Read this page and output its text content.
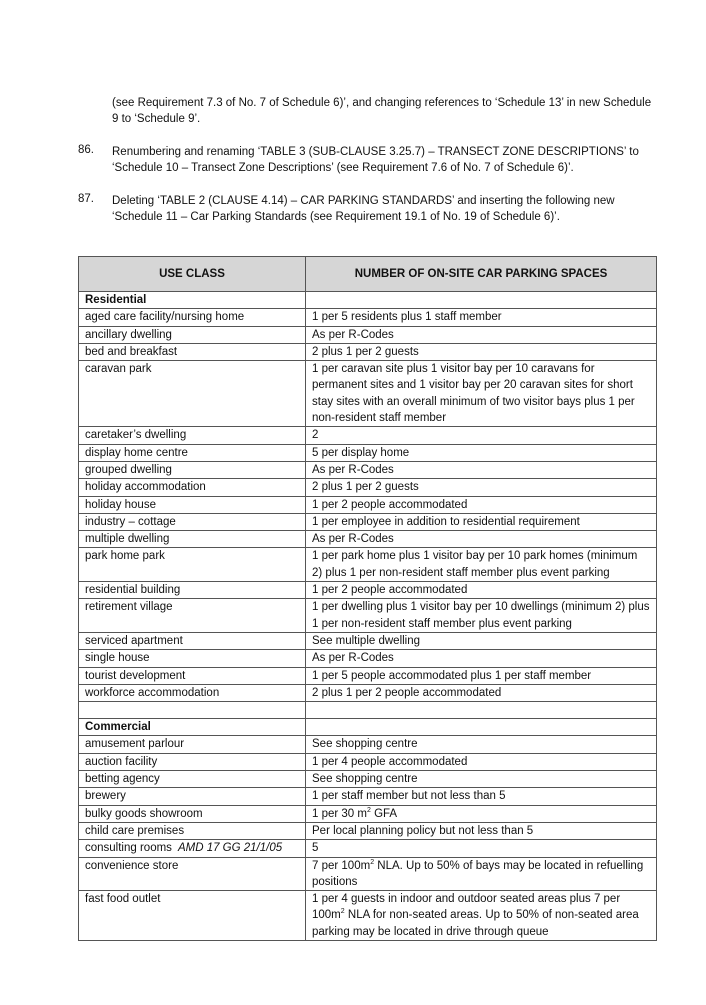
(see Requirement 7.3 of No. 7 of Schedule 6)’, and changing references to ‘Schedule 13’ in new Schedule 9 to ‘Schedule 9’.
86. Renumbering and renaming ‘TABLE 3 (SUB-CLAUSE 3.25.7) – TRANSECT ZONE DESCRIPTIONS’ to ‘Schedule 10 – Transect Zone Descriptions’ (see Requirement 7.6 of No. 7 of Schedule 6)’.
87. Deleting ‘TABLE 2 (CLAUSE 4.14) – CAR PARKING STANDARDS’ and inserting the following new ‘Schedule 11 – Car Parking Standards (see Requirement 19.1 of No. 19 of Schedule 6)’.
USE CLASS	NUMBER OF ON-SITE CAR PARKING SPACES
Residential	
aged care facility/nursing home	1 per 5 residents plus 1 staff member
ancillary dwelling	As per R-Codes
bed and breakfast	2 plus 1 per 2 guests
caravan park	1 per caravan site plus 1 visitor bay per 10 caravans for permanent sites and 1 visitor bay per 20 caravan sites for short stay sites with an overall minimum of two visitor bays plus 1 per non-resident staff member
caretaker’s dwelling	2
display home centre	5 per display home
grouped dwelling	As per R-Codes
holiday accommodation	2 plus 1 per 2 guests
holiday house	1 per 2 people accommodated
industry – cottage	1 per employee in addition to residential requirement
multiple dwelling	As per R-Codes
park home park	1 per park home plus 1 visitor bay per 10 park homes (minimum 2) plus 1 per non-resident staff member plus event parking
residential building	1 per 2 people accommodated
retirement village	1 per dwelling plus 1 visitor bay per 10 dwellings (minimum 2) plus 1 per non-resident staff member plus event parking
serviced apartment	See multiple dwelling
single house	As per R-Codes
tourist development	1 per 5 people accommodated plus 1 per staff member
workforce accommodation	2 plus 1 per 2 people accommodated

Commercial	
amusement parlour	See shopping centre
auction facility	1 per 4 people accommodated
betting agency	See shopping centre
brewery	1 per staff member but not less than 5
bulky goods showroom	1 per 30 $m^2$ GFA
child care premises	Per local planning policy but not less than 5
consulting rooms AMD 17 GG 21/1/05	5
convenience store	7 per $100m^2$ NLA. Up to 50% of bays may be located in refuelling positions
fast food outlet	1 per 4 guests in indoor and outdoor seated areas plus 7 per $100m^2$ NLA for non-seated areas. Up to 50% of non-seated area parking may be located in drive through queue
